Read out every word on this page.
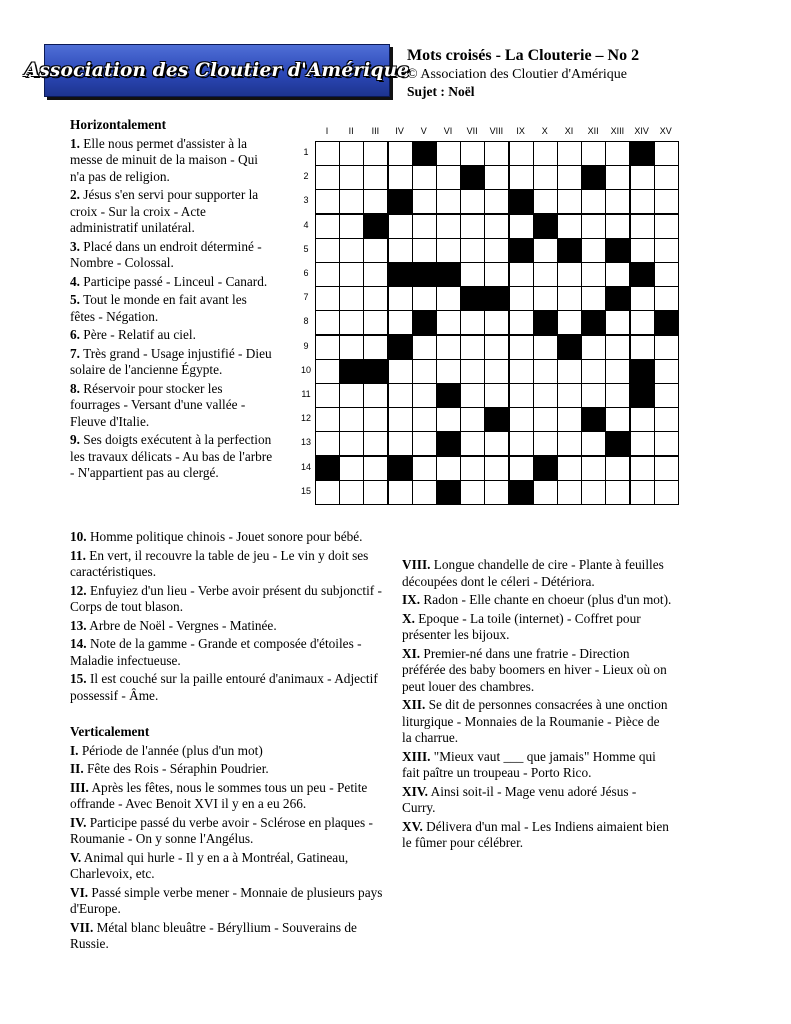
Association des Cloutier d'Amérique
Mots croisés - La Clouterie – No 2
© Association des Cloutier d'Amérique
Sujet : Noël
Horizontalement

1. Elle nous permet d'assister à la messe de minuit de la maison - Qui n'a pas de religion.

2. Jésus s'en servi pour supporter la croix - Sur la croix - Acte administratif unilatéral.

3. Placé dans un endroit déterminé - Nombre - Colossal.

4. Participe passé - Linceul - Canard.

5. Tout le monde en fait avant les fêtes - Négation.

6. Père - Relatif au ciel.

7. Très grand - Usage injustifié - Dieu solaire de l'ancienne Égypte.

8. Réservoir pour stocker les fourrages - Versant d'une vallée - Fleuve d'Italie.

9. Ses doigts exécutent à la perfection les travaux délicats - Au bas de l'arbre - N'appartient pas au clergé.

10. Homme politique chinois - Jouet sonore pour bébé.

11. En vert, il recouvre la table de jeu - Le vin y doit ses caractéristiques.

12. Enfuyiez d'un lieu - Verbe avoir présent du subjonctif - Corps de tout blason.

13. Arbre de Noël - Vergnes - Matinée.

14. Note de la gamme - Grande et composée d'étoiles - Maladie infectueuse.

15. Il est couché sur la paille entouré d'animaux - Adjectif possessif - Âme.

Verticalement

I. Période de l'année (plus d'un mot)

II. Fête des Rois - Séraphin Poudrier.

III. Après les fêtes, nous le sommes tous un peu - Petite offrande - Avec Benoit XVI il y en a eu 266.

IV. Participe passé du verbe avoir - Sclérose en plaques - Roumanie - On y sonne l'Angélus.

V. Animal qui hurle - Il y en a à Montréal, Gatineau, Charlevoix, etc.

VI. Passé simple verbe mener - Monnaie de plusieurs pays d'Europe.

VII. Métal blanc bleuâtre - Béryllium - Souverains de Russie.

VIII. Longue chandelle de cire - Plante à feuilles découpées dont le céleri - Détériora.

IX. Radon - Elle chante en choeur (plus d'un mot).

X. Epoque - La toile (internet) - Coffret pour présenter les bijoux.

XI. Premier-né dans une fratrie - Direction préférée des baby boomers en hiver - Lieux où on peut louer des chambres.

XII. Se dit de personnes consacrées à une onction liturgique - Monnaies de la Roumanie - Pièce de la charrue.

XIII. "Mieux vaut ___ que jamais" Homme qui fait paître un troupeau - Porto Rico.

XIV. Ainsi soit-il - Mage venu adoré Jésus - Curry.

XV. Délivera d'un mal - Les Indiens aimaient bien le fûmer pour célébrer.

I	II	III	IV	V	VI	VII	VIII	IX	X	XI	XII	XIII	XIV	XV
1
2
3
4
5
6
7
8
9
10
11
12
13
14
15
